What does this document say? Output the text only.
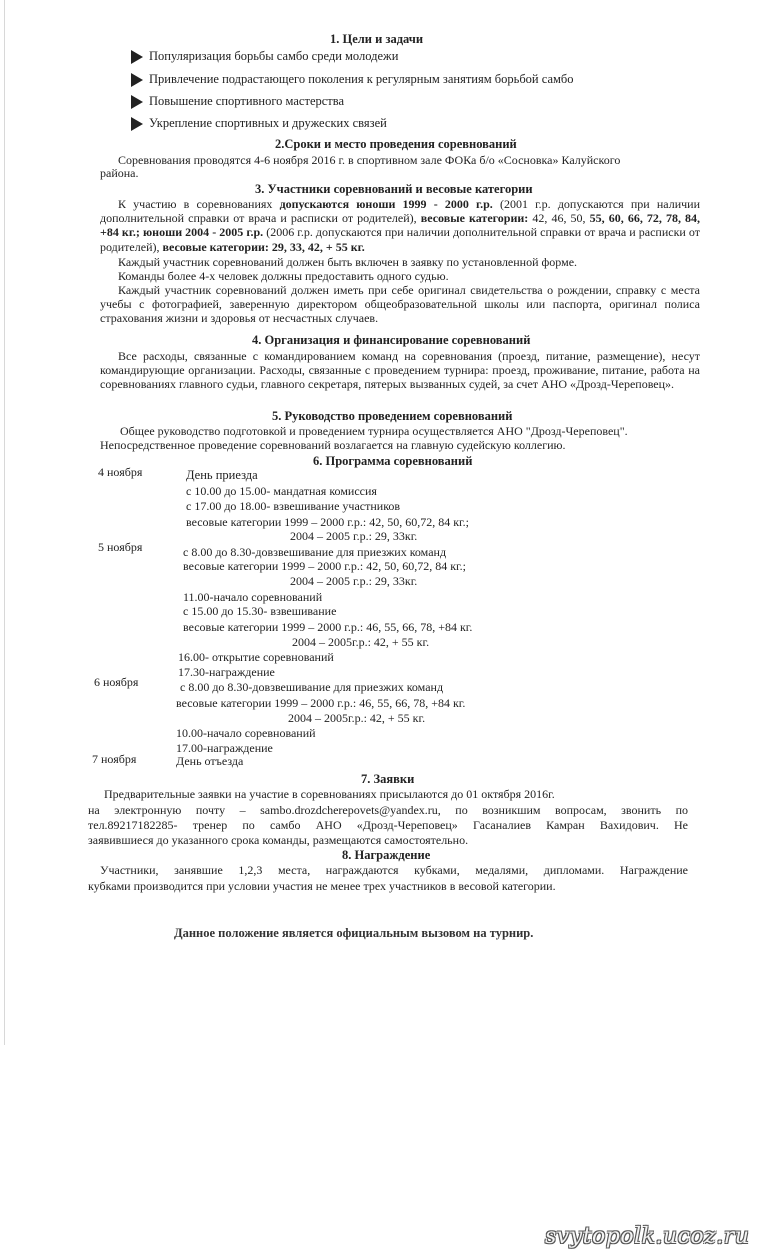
1. Цели и задачи
Популяризация борьбы самбо среди молодежи
Привлечение подрастающего поколения к регулярным занятиям борьбой самбо
Повышение спортивного мастерства
Укрепление спортивных и дружеских связей
2.Сроки и место проведения соревнований
Соревнования проводятся 4-6 ноября 2016 г. в спортивном зале ФОКа б/о «Сосновка» Калуйского
района.
3. Участники соревнований и весовые категории
К участию в соревнованиях допускаются юноши 1999 - 2000 г.р. (2001 г.р. допускаются при наличии дополнительной справки от врача и расписки от родителей), весовые категории: 42, 46, 50, 55, 60, 66, 72, 78, 84, +84 кг.; юноши 2004 - 2005 г.р. (2006 г.р. допускаются при наличии дополнительной справки от врача и расписки от родителей), весовые категории: 29, 33, 42, + 55 кг.
Каждый участник соревнований должен быть включен в заявку по установленной форме.
Команды более 4-х человек должны предоставить одного судью.
Каждый участник соревнований должен иметь при себе оригинал свидетельства о рождении, справку с места учебы с фотографией, заверенную директором общеобразовательной школы или паспорта, оригинал полиса страхования жизни и здоровья от несчастных случаев.
4. Организация и финансирование соревнований
Все расходы, связанные с командированием команд на соревнования (проезд, питание, размещение), несут командирующие организации. Расходы, связанные с проведением турнира: проезд, проживание, питание, работа на соревнованиях главного судьи, главного секретаря, пятерых вызванных судей, за счет АНО «Дрозд-Череповец».
5. Руководство проведением соревнований
Общее руководство подготовкой и проведением турнира осуществляется АНО "Дрозд-Череповец".
Непосредственное проведение соревнований возлагается на главную судейскую коллегию.
6. Программа соревнований
4 ноября	День приезда
с 10.00 до 15.00- мандатная комиссия
с 17.00 до 18.00- взвешивание участников
весовые категории 1999 – 2000 г.р.: 42, 50, 60,72, 84 кг.;
2004 – 2005 г.р.: 29, 33кг.
5 ноября	с 8.00 до 8.30-довзвешивание для приезжих команд
весовые категории 1999 – 2000 г.р.: 42, 50, 60,72, 84 кг.;
2004 – 2005 г.р.: 29, 33кг.
11.00-начало соревнований
с 15.00 до 15.30- взвешивание
весовые категории 1999 – 2000 г.р.: 46, 55, 66, 78, +84 кг.
2004 – 2005г.р.: 42, + 55 кг.
16.00- открытие соревнований
17.30-награждение
6 ноября	с 8.00 до 8.30-довзвешивание для приезжих команд
весовые категории 1999 – 2000 г.р.: 46, 55, 66, 78, +84 кг.
2004 – 2005г.р.: 42, + 55 кг.
10.00-начало соревнований
17.00-награждение
7 ноября	День отъезда
7. Заявки
Предварительные заявки на участие в соревнованиях присылаются до 01 октября 2016г.
на электронную почту – sambo.drozdcherepovets@yandex.ru, по возникшим вопросам, звонить по
тел.89217182285- тренер по самбо АНО «Дрозд-Череповец» Гасаналиев Камран Вахидович. Не
заявившиеся до указанного срока команды, размещаются самостоятельно.
8. Награждение
Участники, занявшие 1,2,3 места, награждаются кубками, медалями, дипломами. Награждение
кубками производится при условии участия не менее трех участников в весовой категории.
Данное положение является официальным вызовом на турнир.
svytopolk.ucoz.ru
